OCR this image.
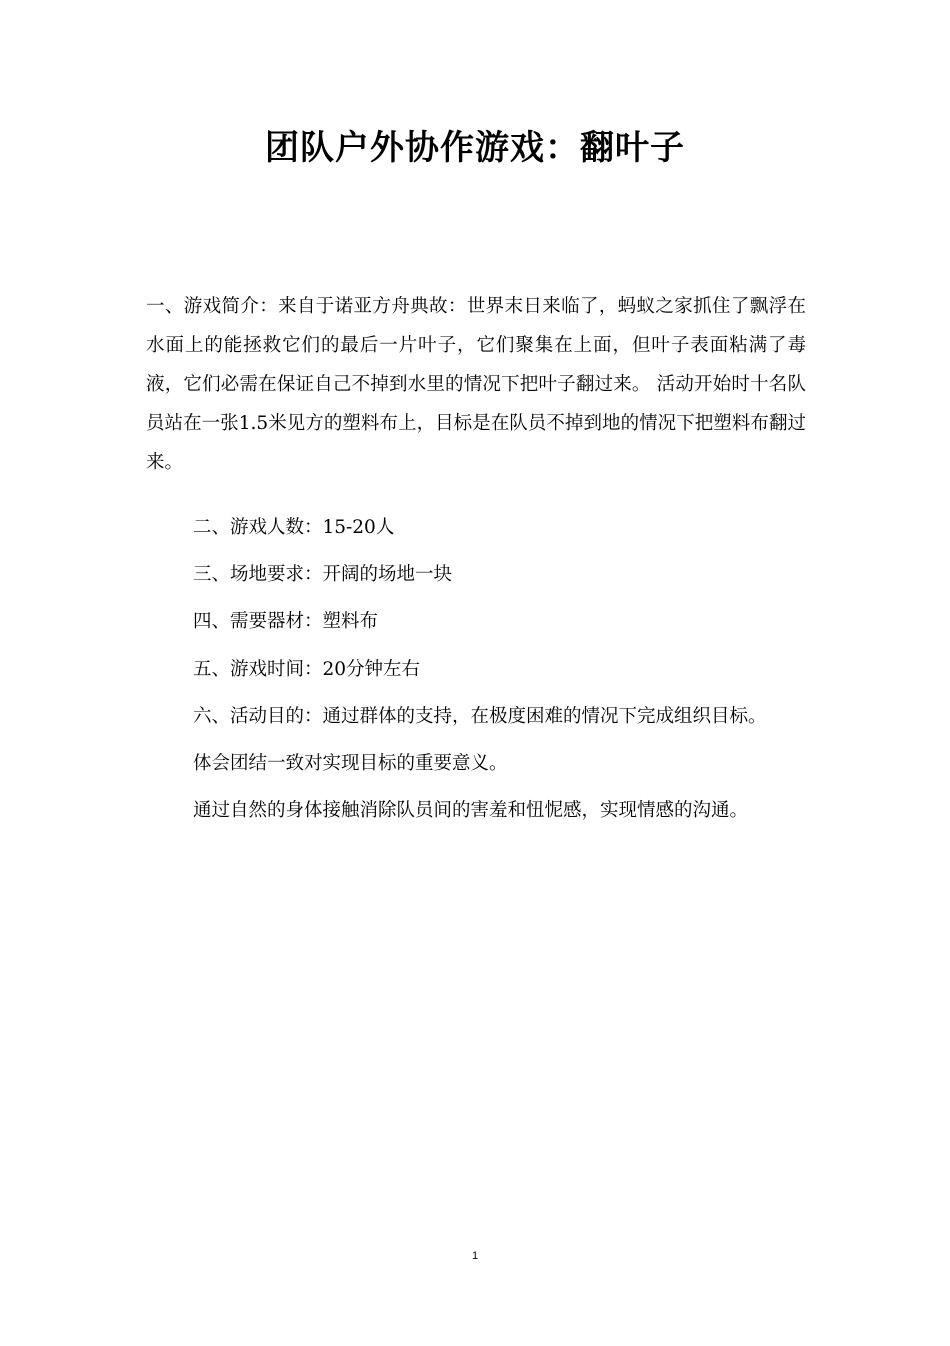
团队户外协作游戏：翻叶子

一、游戏简介：来自于诺亚方舟典故：世界末日来临了，蚂蚁之家抓住了飘浮在水面上的能拯救它们的最后一片叶子，它们聚集在上面，但叶子表面粘满了毒液，它们必需在保证自己不掉到水里的情况下把叶子翻过来。 活动开始时十名队员站在一张1.5米见方的塑料布上，目标是在队员不掉到地的情况下把塑料布翻过来。

二、游戏人数：15-20人

三、场地要求：开阔的场地一块

四、需要器材：塑料布

五、游戏时间：20分钟左右

六、活动目的：通过群体的支持，在极度困难的情况下完成组织目标。

体会团结一致对实现目标的重要意义。

通过自然的身体接触消除队员间的害羞和忸怩感，实现情感的沟通。

1
